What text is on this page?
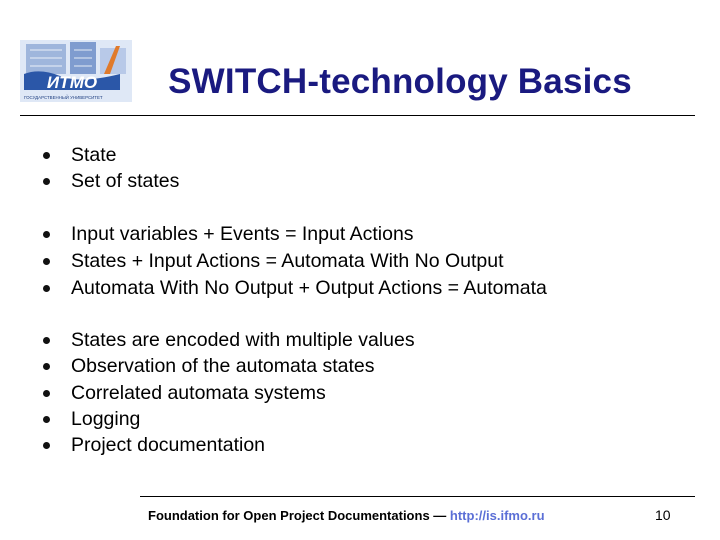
ИТМО
ГОСУДАРСТВЕННЫЙ УНИВЕРСИТЕТ	SWITCH-technology Basics
State
Set of states
Input variables + Events = Input Actions
States + Input Actions = Automata With No Output
Automata With No Output + Output Actions = Automata
States are encoded with multiple values
Observation of the automata states
Correlated automata systems
Logging
Project documentation
Foundation for Open Project Documentations — http://is.ifmo.ru	10
